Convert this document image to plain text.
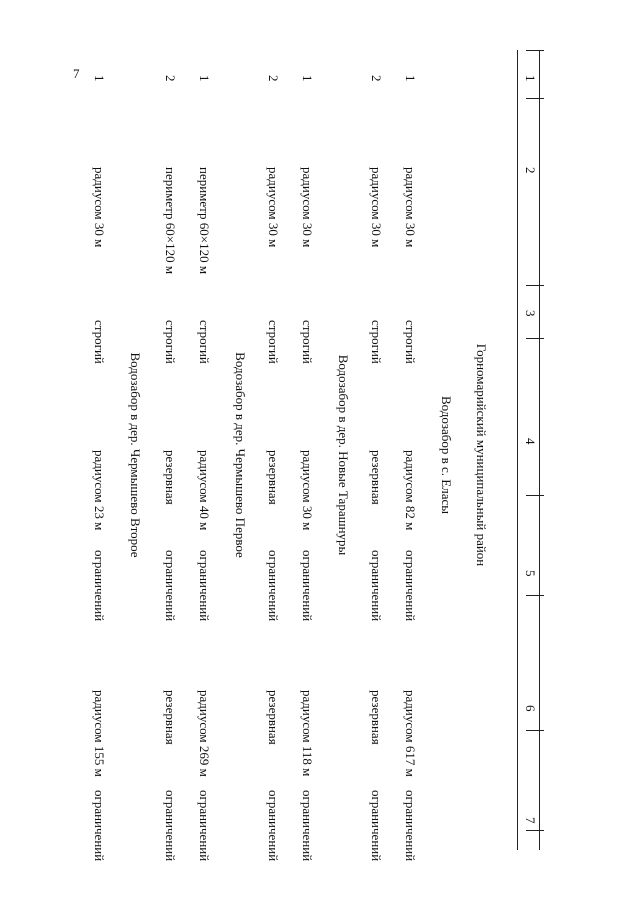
7	1
2
3
4
5
6
7
Горномарийский муниципальный район
Водозабор в с. Еласы
1
радиусом 30 м
строгий
радиусом 82 м
ограничений
радиусом 617 м
ограничений
2
радиусом 30 м
строгий
резервная
ограничений
резервная
ограничений
Водозабор в дер. Новые Тарашнуры
1
радиусом 30 м
строгий
радиусом 30 м
ограничений
радиусом 118 м
ограничений
2
радиусом 30 м
строгий
резервная
ограничений
резервная
ограничений
Водозабор в дер. Чермышево Первое
1
периметр 60×120 м
строгий
радиусом 40 м
ограничений
радиусом 269 м
ограничений
2
периметр 60×120 м
строгий
резервная
ограничений
резервная
ограничений
Водозабор в дер. Чермышево Второе
1
радиусом 30 м
строгий
радиусом 23 м
ограничений
радиусом 155 м
ограничений
